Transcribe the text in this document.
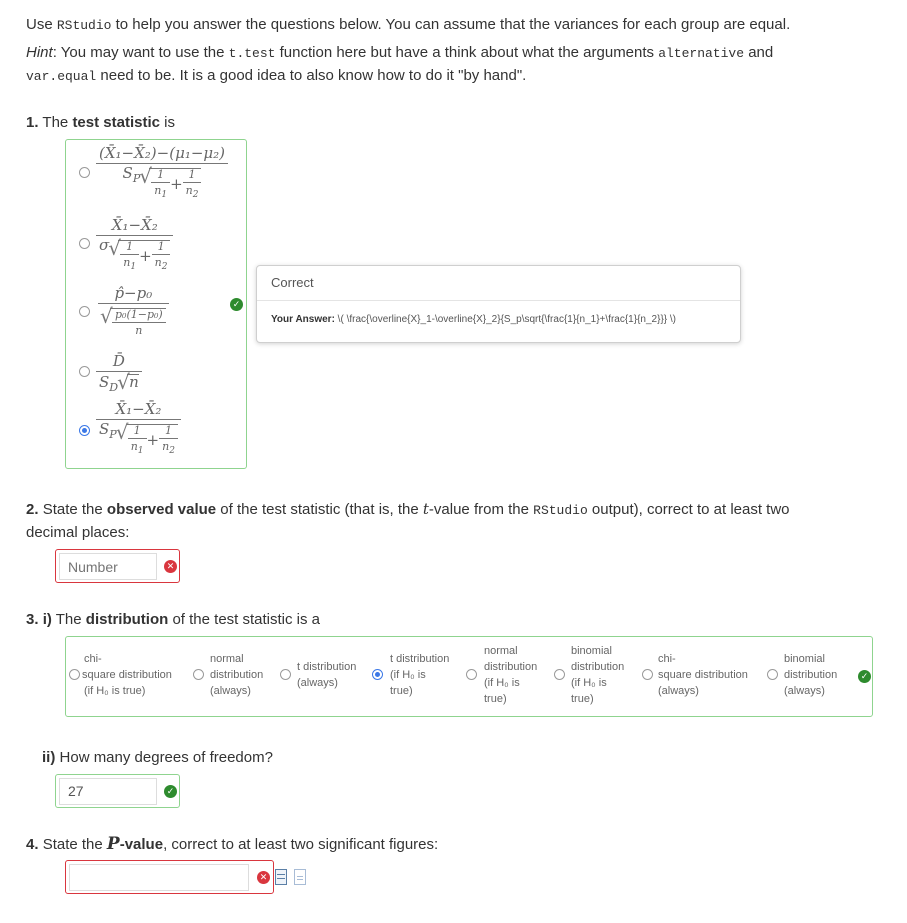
Use RStudio to help you answer the questions below. You can assume that the variances for each group are equal.

Hint: You may want to use the t.test function here but have a think about what the arguments alternative and
var.equal need to be. It is a good idea to also know how to do it "by hand".

1. The test statistic is

$\frac{\text{(X̄₁−X̄₂)−(μ₁−μ₂)}}{S_P √ \frac{1}{n_1} + \frac{1}{n_2}}$
$\frac{\text{X̄₁−X̄₂}}{\sigma √ \frac{1}{n_1} + \frac{1}{n_2}}$
p̂−p₀
√ $\frac{\text{p₀(1−p₀)}}{n}$
$\frac{D̄}{S_D √ n}$
$\frac{\text{X̄₁−X̄₂}}{S_P √ \frac{1}{n_1} + \frac{1}{n_2}}$
✓
Correct
Your Answer: \( \frac{\overline{X}_1-\overline{X}_2}{S_p\sqrt{\frac{1}{n_1}+\frac{1}{n_2}}} \)

2. State the observed value of the test statistic (that is, the t-value from the RStudio output), correct to at least two
decimal places:

Number
✕

3. i) The distribution of the test statistic is a

chi-
square distribution
(if H₀ is true)
normal
distribution
(always)
t distribution
(always)
t distribution
(if H₀ is
true)
normal
distribution
(if H₀ is
true)
binomial
distribution
(if H₀ is
true)
chi-
square distribution
(always)
binomial
distribution
(always)
✓

ii) How many degrees of freedom?

27	✓

4. State the P-value, correct to at least two significant figures:

✕
